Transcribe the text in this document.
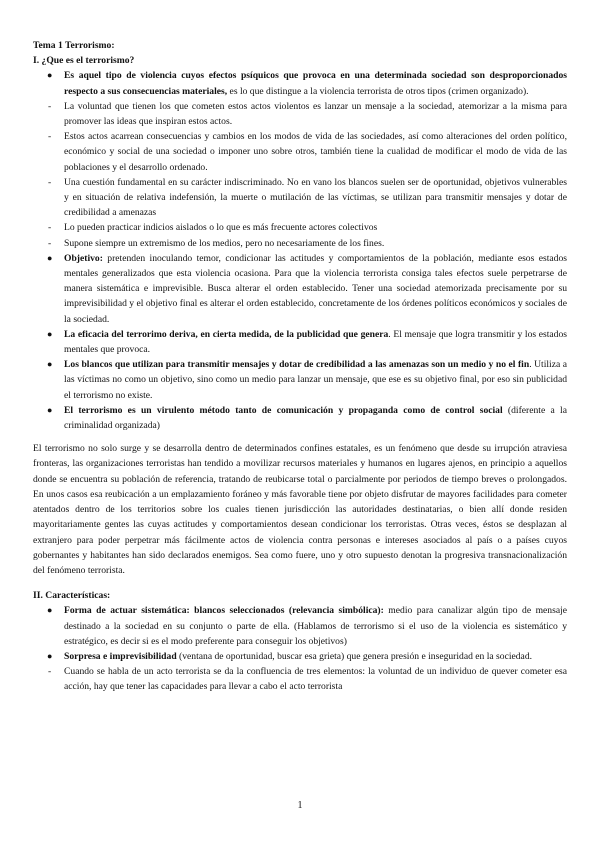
Tema 1 Terrorismo:

I. ¿Que es el terrorismo?

●	Es aquel tipo de violencia cuyos efectos psíquicos que provoca en una determinada sociedad son desproporcionados respecto a sus consecuencias materiales, es lo que distingue a la violencia terrorista de otros tipos (crimen organizado).
-	La voluntad que tienen los que cometen estos actos violentos es lanzar un mensaje a la sociedad, atemorizar a la misma para promover las ideas que inspiran estos actos.
-	Estos actos acarrean consecuencias y cambios en los modos de vida de las sociedades, así como alteraciones del orden político, económico y social de una sociedad o imponer uno sobre otros, también tiene la cualidad de modificar el modo de vida de las poblaciones y el desarrollo ordenado.
-	Una cuestión fundamental en su carácter indiscriminado. No en vano los blancos suelen ser de oportunidad, objetivos vulnerables y en situación de relativa indefensión, la muerte o mutilación de las víctimas, se utilizan para transmitir mensajes y dotar de credibilidad a amenazas
-	Lo pueden practicar indicios aislados o lo que es más frecuente actores colectivos
-	Supone siempre un extremismo de los medios, pero no necesariamente de los fines.
●	Objetivo: pretenden inoculando temor, condicionar las actitudes y comportamientos de la población, mediante esos estados mentales generalizados que esta violencia ocasiona. Para que la violencia terrorista consiga tales efectos suele perpetrarse de manera sistemática e imprevisible. Busca alterar el orden establecido. Tener una sociedad atemorizada precisamente por su imprevisibilidad y el objetivo final es alterar el orden establecido, concretamente de los órdenes políticos económicos y sociales de la sociedad.
●	La eficacia del terrorimo deriva, en cierta medida, de la publicidad que genera. El mensaje que logra transmitir y los estados mentales que provoca.
●	Los blancos que utilizan para transmitir mensajes y dotar de credibilidad a las amenazas son un medio y no el fin. Utiliza a las víctimas no como un objetivo, sino como un medio para lanzar un mensaje, que ese es su objetivo final, por eso sin publicidad el terrorismo no existe.
●	El terrorismo es un virulento método tanto de comunicación y propaganda como de control social (diferente a la criminalidad organizada)

El terrorismo no solo surge y se desarrolla dentro de determinados confines estatales, es un fenómeno que desde su irrupción atraviesa fronteras, las organizaciones terroristas han tendido a movilizar recursos materiales y humanos en lugares ajenos, en principio a aquellos donde se encuentra su población de referencia, tratando de reubicarse total o parcialmente por periodos de tiempo breves o prolongados. En unos casos esa reubicación a un emplazamiento foráneo y más favorable tiene por objeto disfrutar de mayores facilidades para cometer atentados dentro de los territorios sobre los cuales tienen jurisdicción las autoridades destinatarias, o bien allí donde residen mayoritariamente gentes las cuyas actitudes y comportamientos desean condicionar los terroristas. Otras veces, éstos se desplazan al extranjero para poder perpetrar más fácilmente actos de violencia contra personas e intereses asociados al país o a países cuyos gobernantes y habitantes han sido declarados enemigos. Sea como fuere, uno y otro supuesto denotan la progresiva transnacionalización del fenómeno terrorista.

II. Características:

●	Forma de actuar sistemática: blancos seleccionados (relevancia simbólica): medio para canalizar algún tipo de mensaje destinado a la sociedad en su conjunto o parte de ella. (Hablamos de terrorismo si el uso de la violencia es sistemático y estratégico, es decir si es el modo preferente para conseguir los objetivos)
●	Sorpresa e imprevisibilidad (ventana de oportunidad, buscar esa grieta) que genera presión e inseguridad en la sociedad.
-	Cuando se habla de un acto terrorista se da la confluencia de tres elementos: la voluntad de un individuo de quever cometer esa acción, hay que tener las capacidades para llevar a cabo el acto terrorista
1
